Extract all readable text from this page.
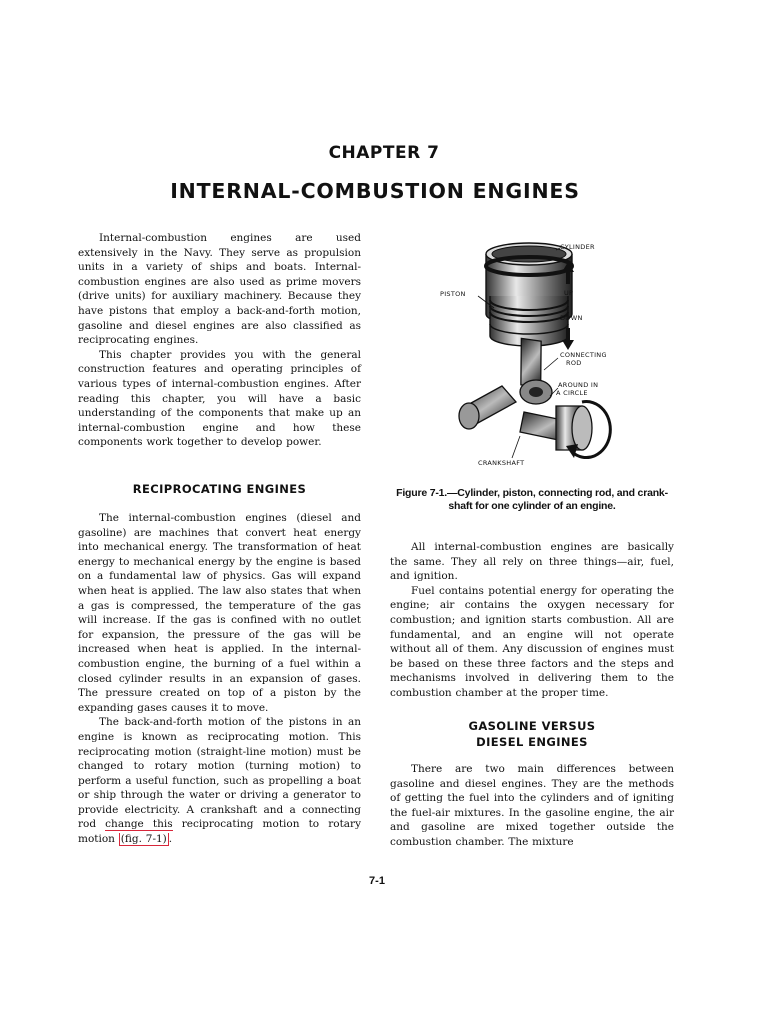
CHAPTER 7
INTERNAL-COMBUSTION ENGINES

Internal-combustion engines are used extensively in the Navy. They serve as propulsion units in a variety of ships and boats. Internal-combustion engines are also used as prime movers (drive units) for auxiliary machinery. Because they have pistons that employ a back-and-forth motion, gasoline and diesel engines are also classified as reciprocating engines.

This chapter provides you with the general construction features and operating principles of various types of internal-combustion engines. After reading this chapter, you will have a basic understanding of the components that make up an internal-combustion engine and how these components work together to develop power.

RECIPROCATING ENGINES

The internal-combustion engines (diesel and gasoline) are machines that convert heat energy into mechanical energy. The transformation of heat energy to mechanical energy by the engine is based on a fundamental law of physics. Gas will expand when heat is applied. The law also states that when a gas is compressed, the temperature of the gas will increase. If the gas is confined with no outlet for expansion, the pressure of the gas will be increased when heat is applied. In the internal-combustion engine, the burning of a fuel within a closed cylinder results in an expansion of gases. The pressure created on top of a piston by the expanding gases causes it to move.

The back-and-forth motion of the pistons in an engine is known as reciprocating motion. This reciprocating motion (straight-line motion) must be changed to rotary motion (turning motion) to perform a useful function, such as propelling a boat or ship through the water or driving a generator to provide electricity. A crankshaft and a connecting rod change this reciprocating motion to rotary motion (fig. 7-1) .

CYLINDER
PISTON	UP
DOWN
CONNECTING
ROD
AROUND IN
A CIRCLE
CRANKSHAFT
Figure 7-1.—Cylinder, piston, connecting rod, and crank-
shaft for one cylinder of an engine.

All internal-combustion engines are basically the same. They all rely on three things—air, fuel, and ignition.

Fuel contains potential energy for operating the engine; air contains the oxygen necessary for combustion; and ignition starts combustion. All are fundamental, and an engine will not operate without all of them. Any discussion of engines must be based on these three factors and the steps and mechanisms involved in delivering them to the combustion chamber at the proper time.

GASOLINE VERSUS
DIESEL ENGINES

There are two main differences between gasoline and diesel engines. They are the methods of getting the fuel into the cylinders and of igniting the fuel-air mixtures. In the gasoline engine, the air and gasoline are mixed together outside the combustion chamber. The mixture

7-1
